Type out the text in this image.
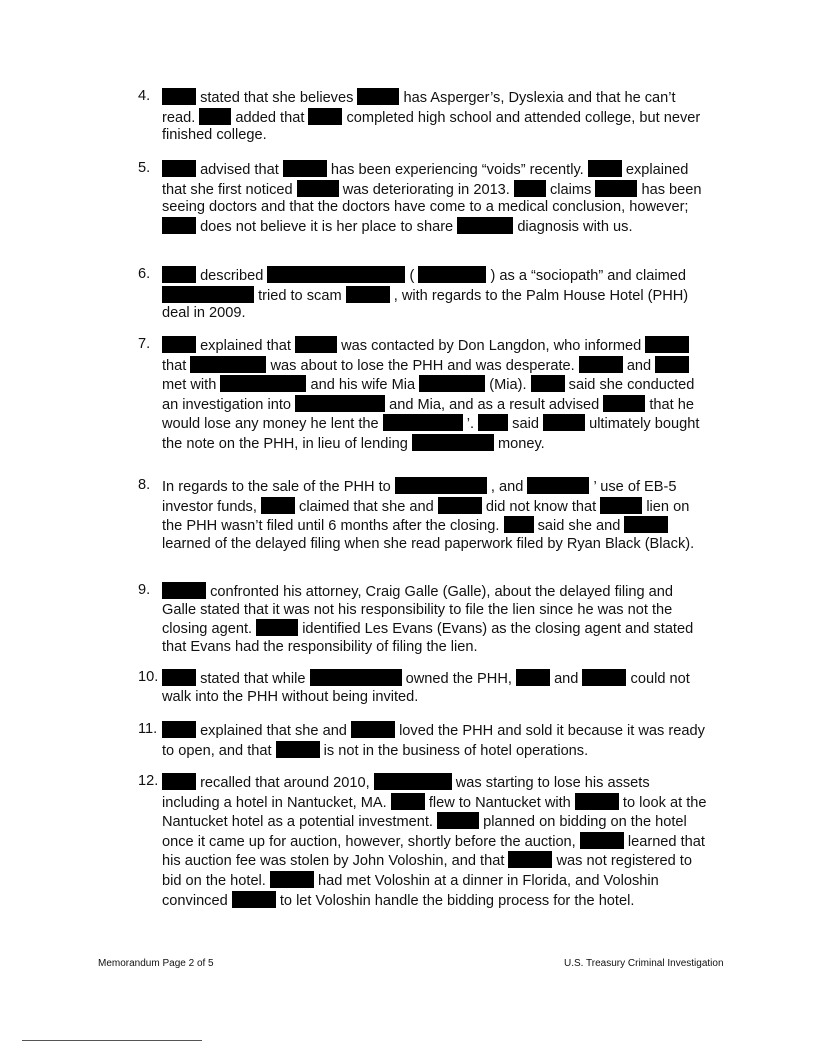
4.	stated that she believes	has Asperger’s, Dyslexia and that he can’t read.	added that	completed high school and attended college, but never finished college.
5.	advised that	has been experiencing “voids” recently.	explained that she first noticed	was deteriorating in 2013.	claims	has been seeing doctors and that the doctors have come to a medical conclusion, however;  does not believe it is her place to share	diagnosis with us.
6.	described	(	) as a “sociopath” and claimed  tried to scam	, with regards to the Palm House Hotel (PHH) deal in 2009.
7.	explained that	was contacted by Don Langdon, who informed  that	was about to lose the PHH and was desperate.	and  met with	and his wife Mia	(Mia).	said she conducted an investigation into	and Mia, and as a result advised	that he would lose any money he lent the	’.	said	ultimately bought the note on the PHH, in lieu of lending	money.
8. In regards to the sale of the PHH to	, and	’ use of EB-5 investor funds,	claimed that she and	did not know that	lien on the PHH wasn’t filed until 6 months after the closing.	said she and  learned of the delayed filing when she read paperwork filed by Ryan Black (Black).
9.	confronted his attorney, Craig Galle (Galle), about the delayed filing and Galle stated that it was not his responsibility to file the lien since he was not the closing agent.	identified Les Evans (Evans) as the closing agent and stated that Evans had the responsibility of filing the lien.
10.	stated that while	owned the PHH,	and	could not walk into the PHH without being invited.
11.	explained that she and	loved the PHH and sold it because it was ready to open, and that	is not in the business of hotel operations.
12.	recalled that around 2010,	was starting to lose his assets including a hotel in Nantucket, MA.	flew to Nantucket with	to look at the Nantucket hotel as a potential investment.	planned on bidding on the hotel once it came up for auction, however, shortly before the auction,	learned that his auction fee was stolen by John Voloshin, and that	was not registered to bid on the hotel.	had met Voloshin at a dinner in Florida, and Voloshin convinced	to let Voloshin handle the bidding process for the hotel.
Memorandum Page 2 of 5	U.S. Treasury Criminal Investigation
